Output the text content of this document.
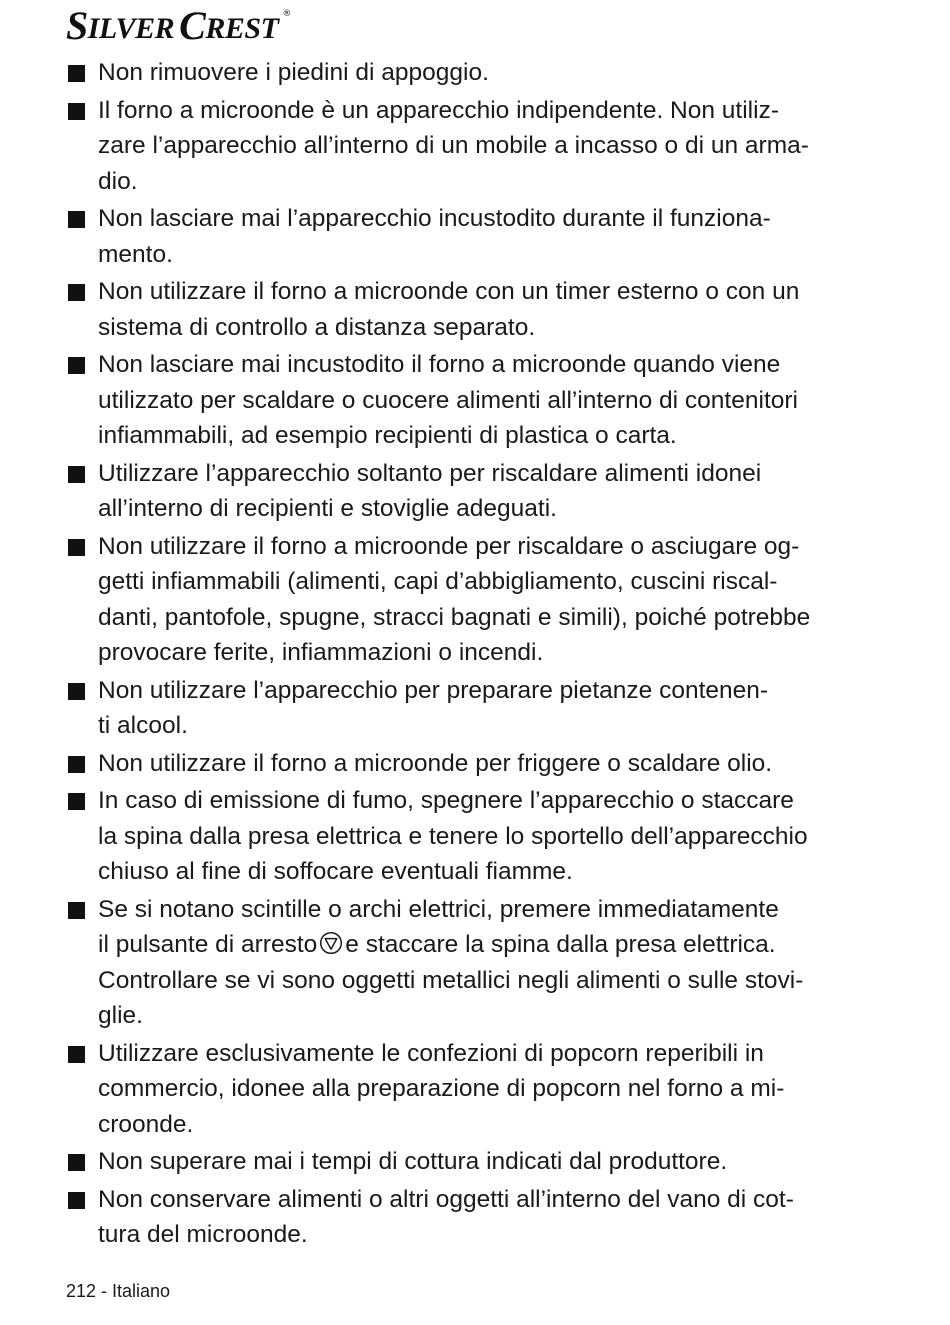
S ILVER C REST ®
Non rimuovere i piedini di appoggio.
Il forno a microonde è un apparecchio indipendente. Non utiliz-
zare l’apparecchio all’interno di un mobile a incasso o di un arma-
dio.
Non lasciare mai l’apparecchio incustodito durante il funziona-
mento.
Non utilizzare il forno a microonde con un timer esterno o con un
sistema di controllo a distanza separato.
Non lasciare mai incustodito il forno a microonde quando viene
utilizzato per scaldare o cuocere alimenti all’interno di contenitori
infiammabili, ad esempio recipienti di plastica o carta.
Utilizzare l’apparecchio soltanto per riscaldare alimenti idonei
all’interno di recipienti e stoviglie adeguati.
Non utilizzare il forno a microonde per riscaldare o asciugare og-
getti infiammabili (alimenti, capi d’abbigliamento, cuscini riscal-
danti, pantofole, spugne, stracci bagnati e simili), poiché potrebbe
provocare ferite, infiammazioni o incendi.
Non utilizzare l’apparecchio per preparare pietanze contenen-
ti alcool.
Non utilizzare il forno a microonde per friggere o scaldare olio.
In caso di emissione di fumo, spegnere l’apparecchio o staccare
la spina dalla presa elettrica e tenere lo sportello dell’apparecchio
chiuso al fine di soffocare eventuali fiamme.
Se si notano scintille o archi elettrici, premere immediatamente
il pulsante di arresto e staccare la spina dalla presa elettrica.
Controllare se vi sono oggetti metallici negli alimenti o sulle stovi-
glie.
Utilizzare esclusivamente le confezioni di popcorn reperibili in
commercio, idonee alla preparazione di popcorn nel forno a mi-
croonde.
Non superare mai i tempi di cottura indicati dal produttore.
Non conservare alimenti o altri oggetti all’interno del vano di cot-
tura del microonde.
212 - Italiano
